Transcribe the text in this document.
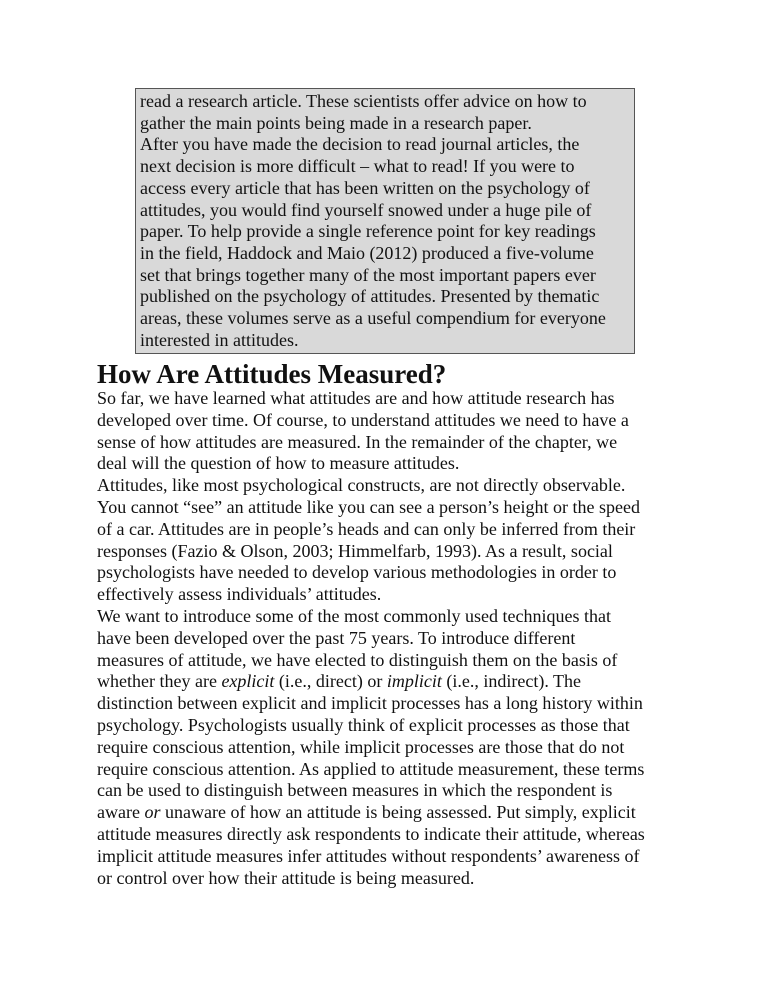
read a research article. These scientists offer advice on how to
gather the main points being made in a research paper.
After you have made the decision to read journal articles, the
next decision is more difficult – what to read! If you were to
access every article that has been written on the psychology of
attitudes, you would find yourself snowed under a huge pile of
paper. To help provide a single reference point for key readings
in the field, Haddock and Maio (2012) produced a five-volume
set that brings together many of the most important papers ever
published on the psychology of attitudes. Presented by thematic
areas, these volumes serve as a useful compendium for everyone
interested in attitudes.

How Are Attitudes Measured?

So far, we have learned what attitudes are and how attitude research has
developed over time. Of course, to understand attitudes we need to have a
sense of how attitudes are measured. In the remainder of the chapter, we
deal will the question of how to measure attitudes.

Attitudes, like most psychological constructs, are not directly observable.
You cannot “see” an attitude like you can see a person’s height or the speed
of a car. Attitudes are in people’s heads and can only be inferred from their
responses (Fazio & Olson, 2003; Himmelfarb, 1993). As a result, social
psychologists have needed to develop various methodologies in order to
effectively assess individuals’ attitudes.

We want to introduce some of the most commonly used techniques that
have been developed over the past 75 years. To introduce different
measures of attitude, we have elected to distinguish them on the basis of
whether they are explicit (i.e., direct) or implicit (i.e., indirect). The
distinction between explicit and implicit processes has a long history within
psychology. Psychologists usually think of explicit processes as those that
require conscious attention, while implicit processes are those that do not
require conscious attention. As applied to attitude measurement, these terms
can be used to distinguish between measures in which the respondent is
aware or unaware of how an attitude is being assessed. Put simply, explicit
attitude measures directly ask respondents to indicate their attitude, whereas
implicit attitude measures infer attitudes without respondents’ awareness of
or control over how their attitude is being measured.
